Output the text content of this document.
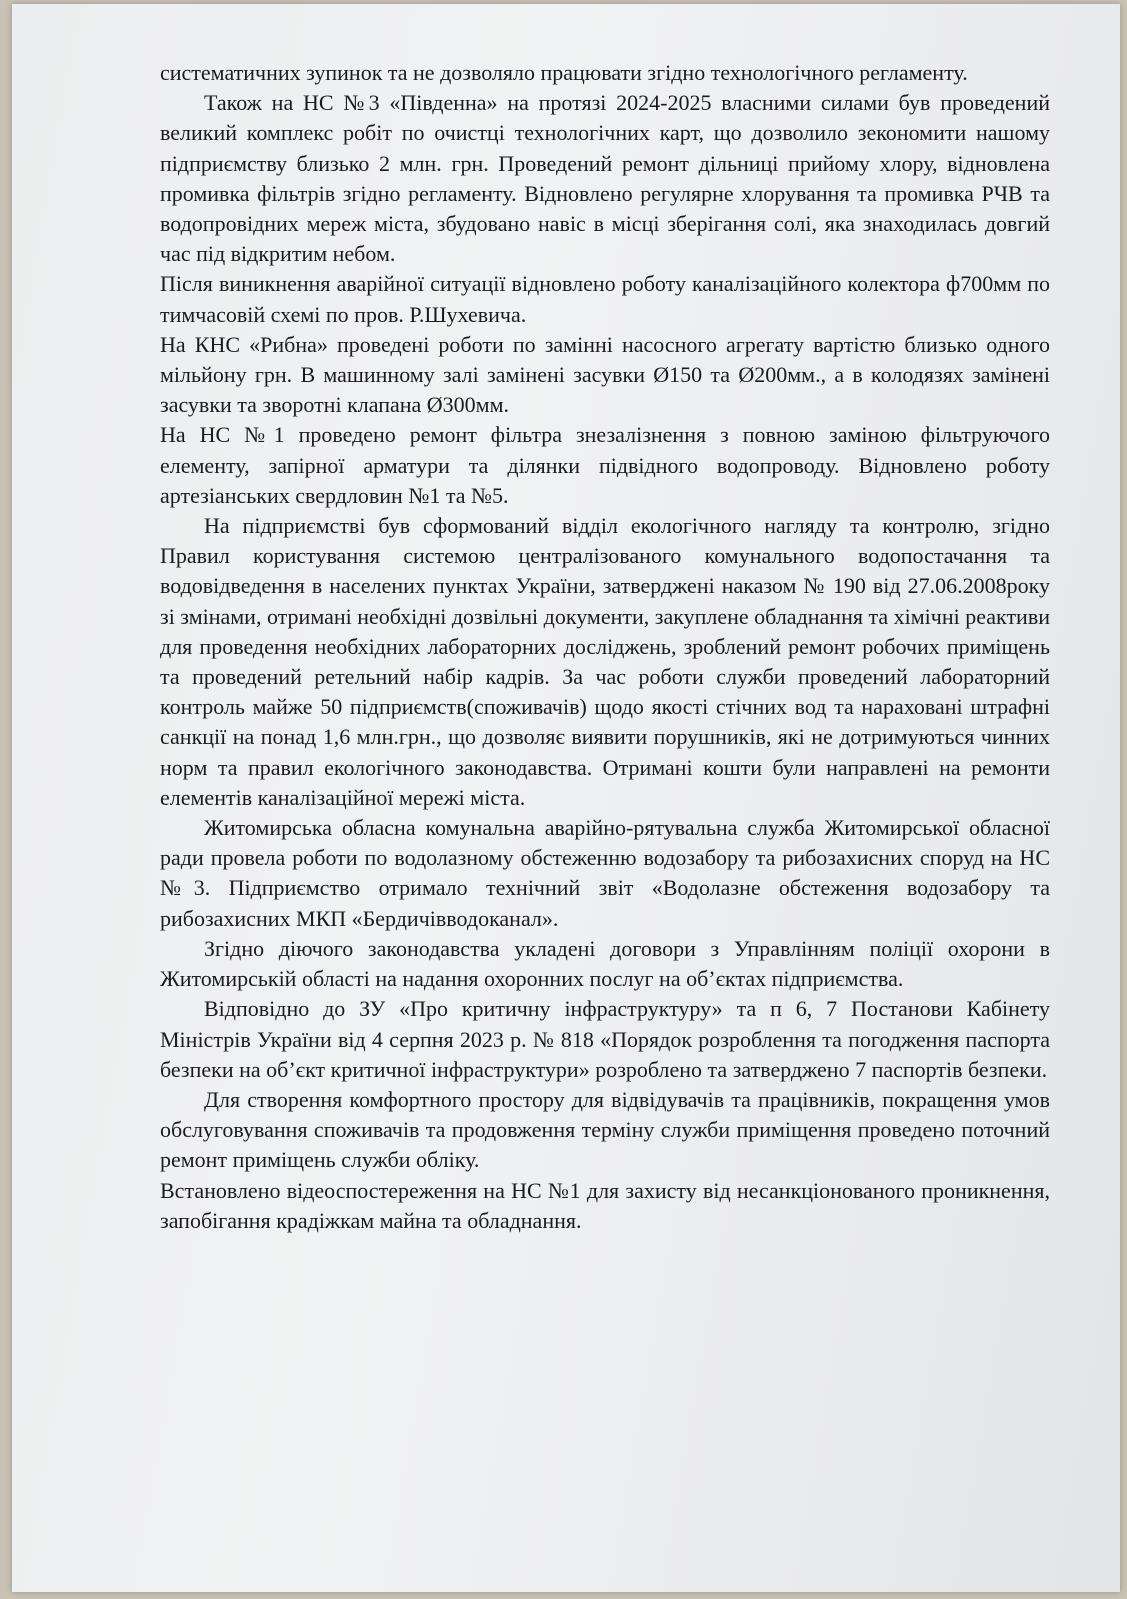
систематичних зупинок та не дозволяло працювати згідно технологічного регламенту.

Також на НС №3 «Південна» на протязі 2024-2025 власними силами був проведений великий комплекс робіт по очистці технологічних карт, що дозволило зекономити нашому підприємству близько 2 млн. грн. Проведений ремонт дільниці прийому хлору, відновлена промивка фільтрів згідно регламенту. Відновлено регулярне хлорування та промивка РЧВ та водопровідних мереж міста, збудовано навіс в місці зберігання солі, яка знаходилась довгий час під відкритим небом.

Після виникнення аварійної ситуації відновлено роботу каналізаційного колектора ф700мм по тимчасовій схемі по пров. Р.Шухевича.

На КНС «Рибна» проведені роботи по замінні насосного агрегату вартістю близько одного мільйону грн. В машинному залі замінені засувки Ø150 та Ø200мм., а в колодязях замінені засувки та зворотні клапана Ø300мм.

На НС №1 проведено ремонт фільтра знезалізнення з повною заміною фільтруючого елементу, запірної арматури та ділянки підвідного водопроводу. Відновлено роботу артезіанських свердловин №1 та №5.

На підприємстві був сформований відділ екологічного нагляду та контролю, згідно Правил користування системою централізованого комунального водопостачання та водовідведення в населених пунктах України, затверджені наказом № 190 від 27.06.2008року зі змінами, отримані необхідні дозвільні документи, закуплене обладнання та хімічні реактиви для проведення необхідних лабораторних досліджень, зроблений ремонт робочих приміщень та проведений ретельний набір кадрів. За час роботи служби проведений лабораторний контроль майже 50 підприємств(споживачів) щодо якості стічних вод та нараховані штрафні санкції на понад 1,6 млн.грн., що дозволяє виявити порушників, які не дотримуються чинних норм та правил екологічного законодавства. Отримані кошти були направлені на ремонти елементів каналізаційної мережі міста.

Житомирська обласна комунальна аварійно-рятувальна служба Житомирської обласної ради провела роботи по водолазному обстеженню водозабору та рибозахисних споруд на НС №3. Підприємство отримало технічний звіт «Водолазне обстеження водозабору та рибозахисних МКП «Бердичівводоканал».

Згідно діючого законодавства укладені договори з Управлінням поліції охорони в Житомирській області на надання охоронних послуг на об’єктах підприємства.

Відповідно до ЗУ «Про критичну інфраструктуру» та п 6, 7 Постанови Кабінету Міністрів України від 4 серпня 2023 р. № 818 «Порядок розроблення та погодження паспорта безпеки на об’єкт критичної інфраструктури» розроблено та затверджено 7 паспортів безпеки.

Для створення комфортного простору для відвідувачів та працівників, покращення умов обслуговування споживачів та продовження терміну служби приміщення проведено поточний ремонт приміщень служби обліку.

Встановлено відеоспостереження на НС №1 для захисту від несанкціонованого проникнення, запобігання крадіжкам майна та обладнання.
